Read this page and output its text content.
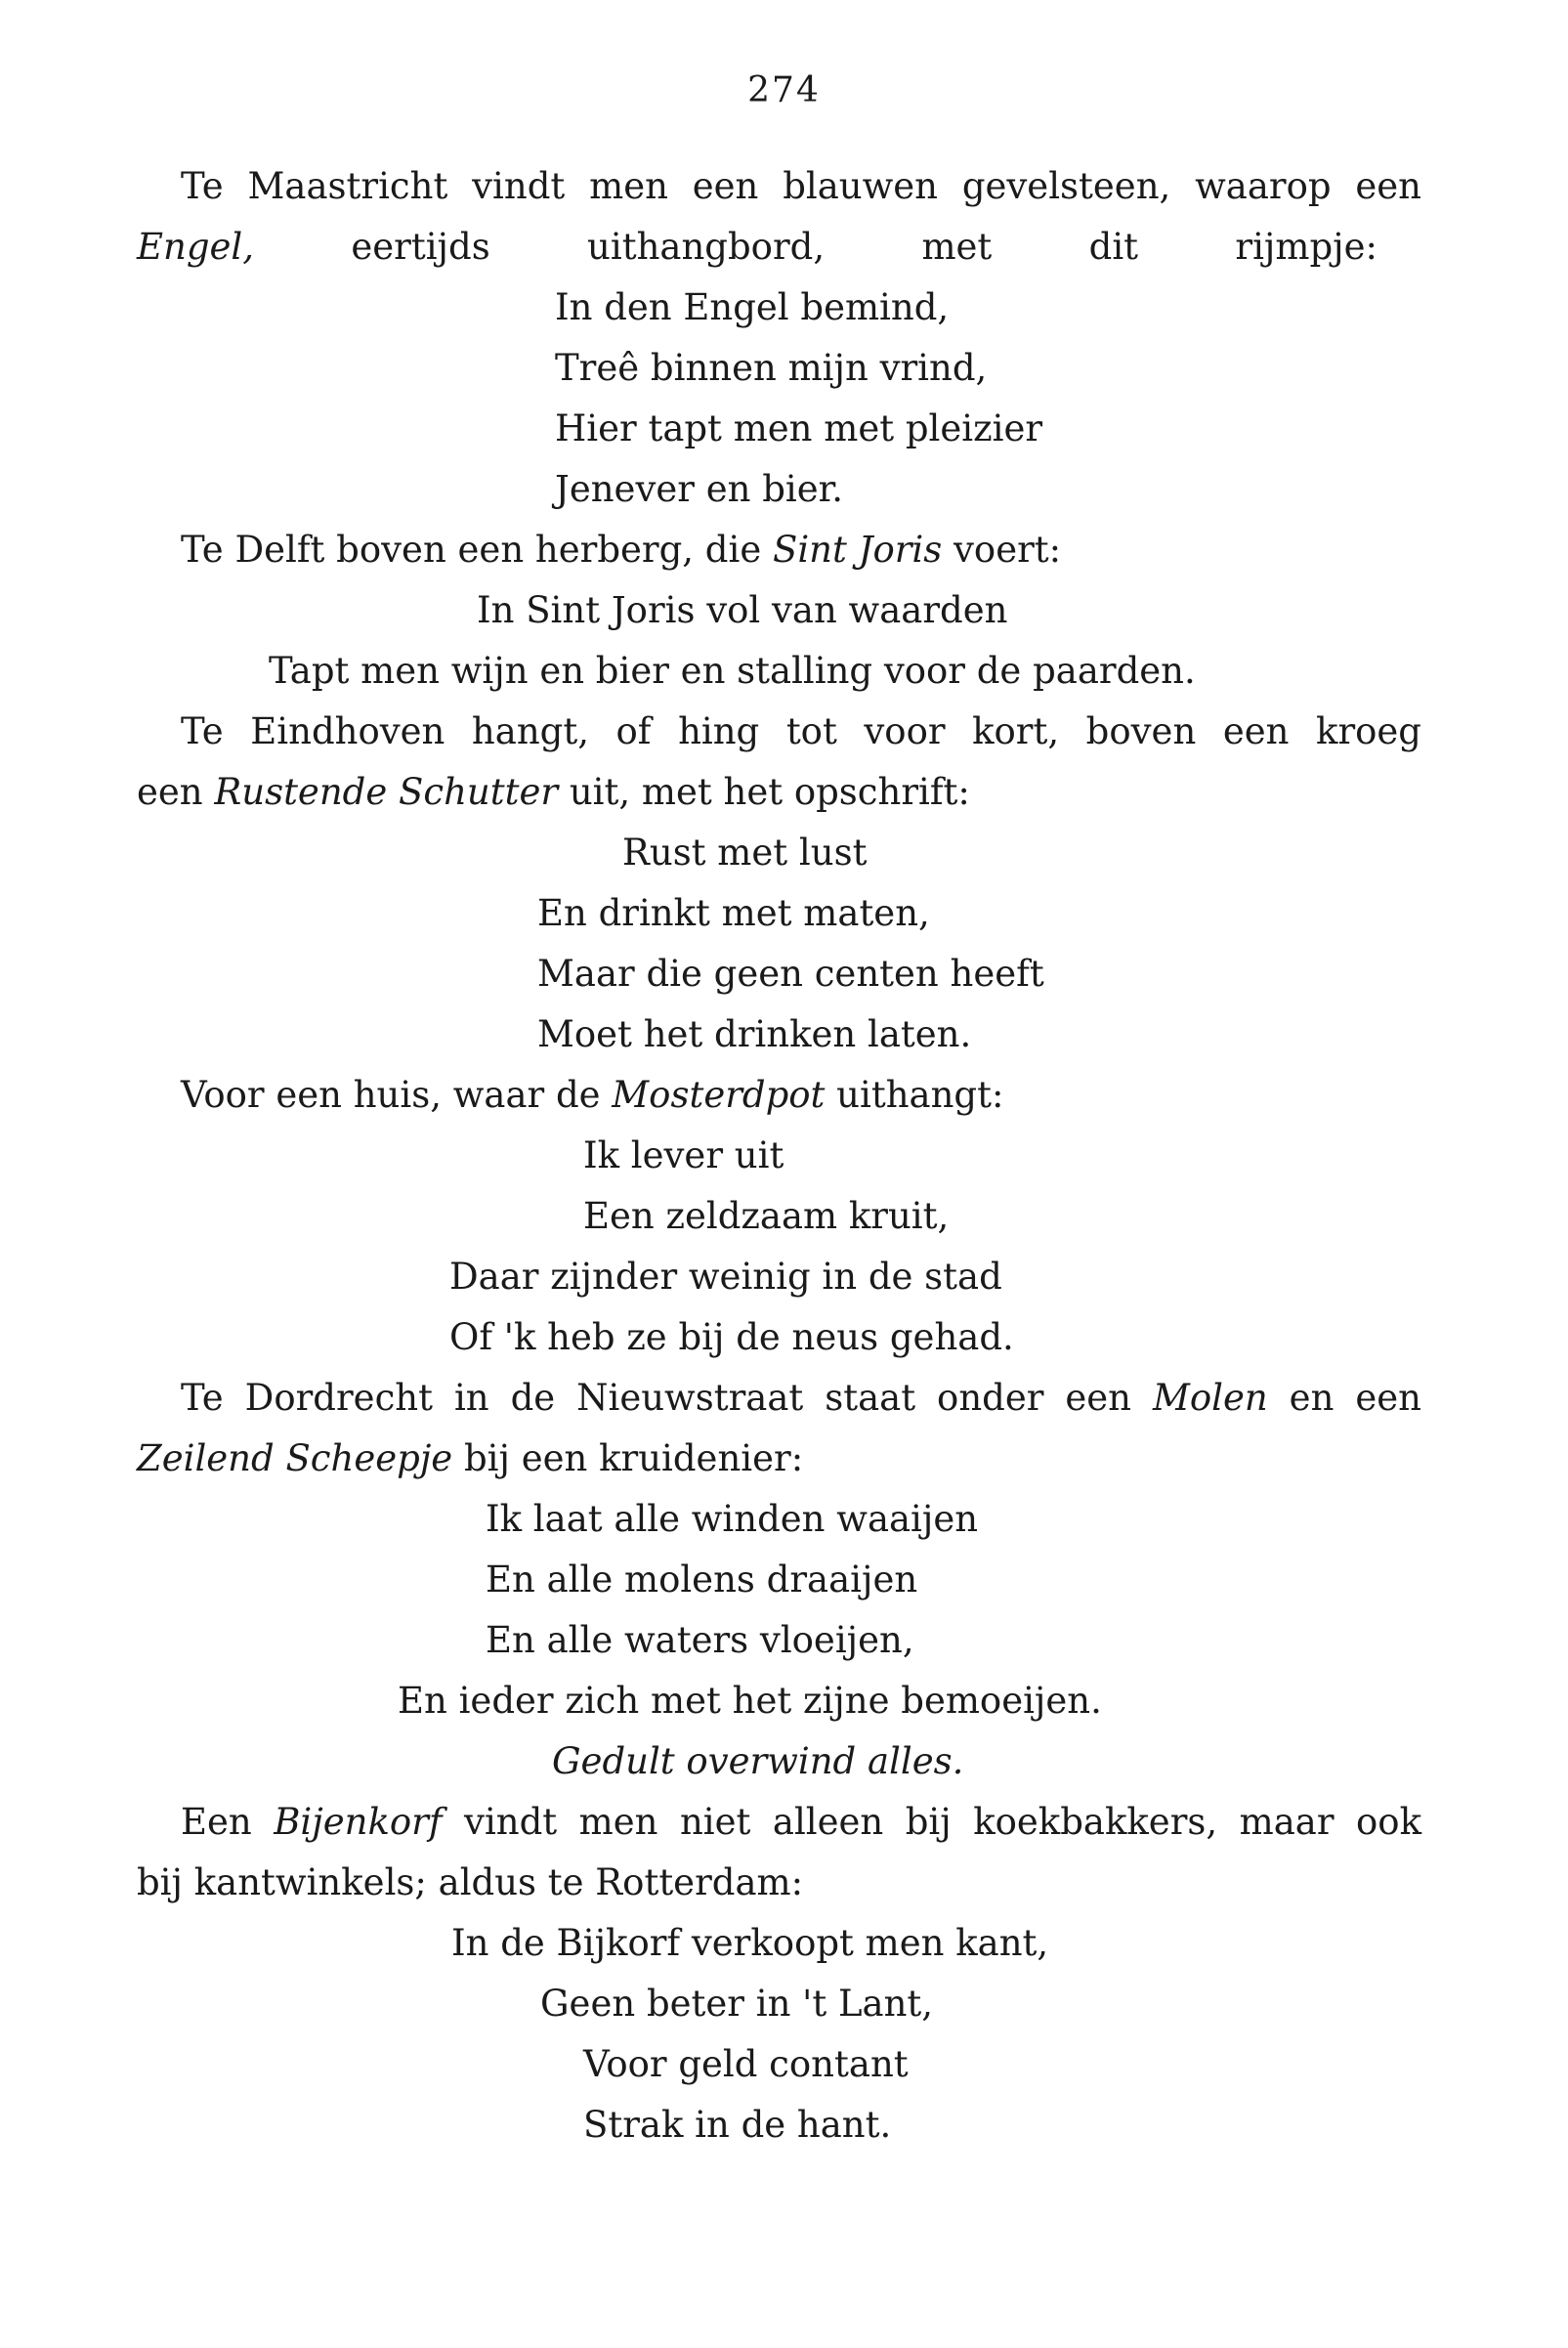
274
Te Maastricht vindt men een blauwen gevelsteen, waarop een
Engel, eertijds uithangbord, met dit rijmpje:
In den Engel bemind,
Treê binnen mijn vrind,
Hier tapt men met pleizier
Jenever en bier.
Te Delft boven een herberg, die Sint Joris voert:
In Sint Joris vol van waarden
Tapt men wijn en bier en stalling voor de paarden.
Te Eindhoven hangt, of hing tot voor kort, boven een kroeg
een Rustende Schutter uit, met het opschrift:
Rust met lust
En drinkt met maten,
Maar die geen centen heeft
Moet het drinken laten.
Voor een huis, waar de Mosterdpot uithangt:
Ik lever uit
Een zeldzaam kruit,
Daar zijnder weinig in de stad
Of 'k heb ze bij de neus gehad.
Te Dordrecht in de Nieuwstraat staat onder een Molen en een
Zeilend Scheepje bij een kruidenier:
Ik laat alle winden waaijen
En alle molens draaijen
En alle waters vloeijen,
En ieder zich met het zijne bemoeijen.
Gedult overwind alles.
Een Bijenkorf vindt men niet alleen bij koekbakkers, maar ook
bij kantwinkels; aldus te Rotterdam:
In de Bijkorf verkoopt men kant,
Geen beter in 't Lant,
Voor geld contant
Strak in de hant.
